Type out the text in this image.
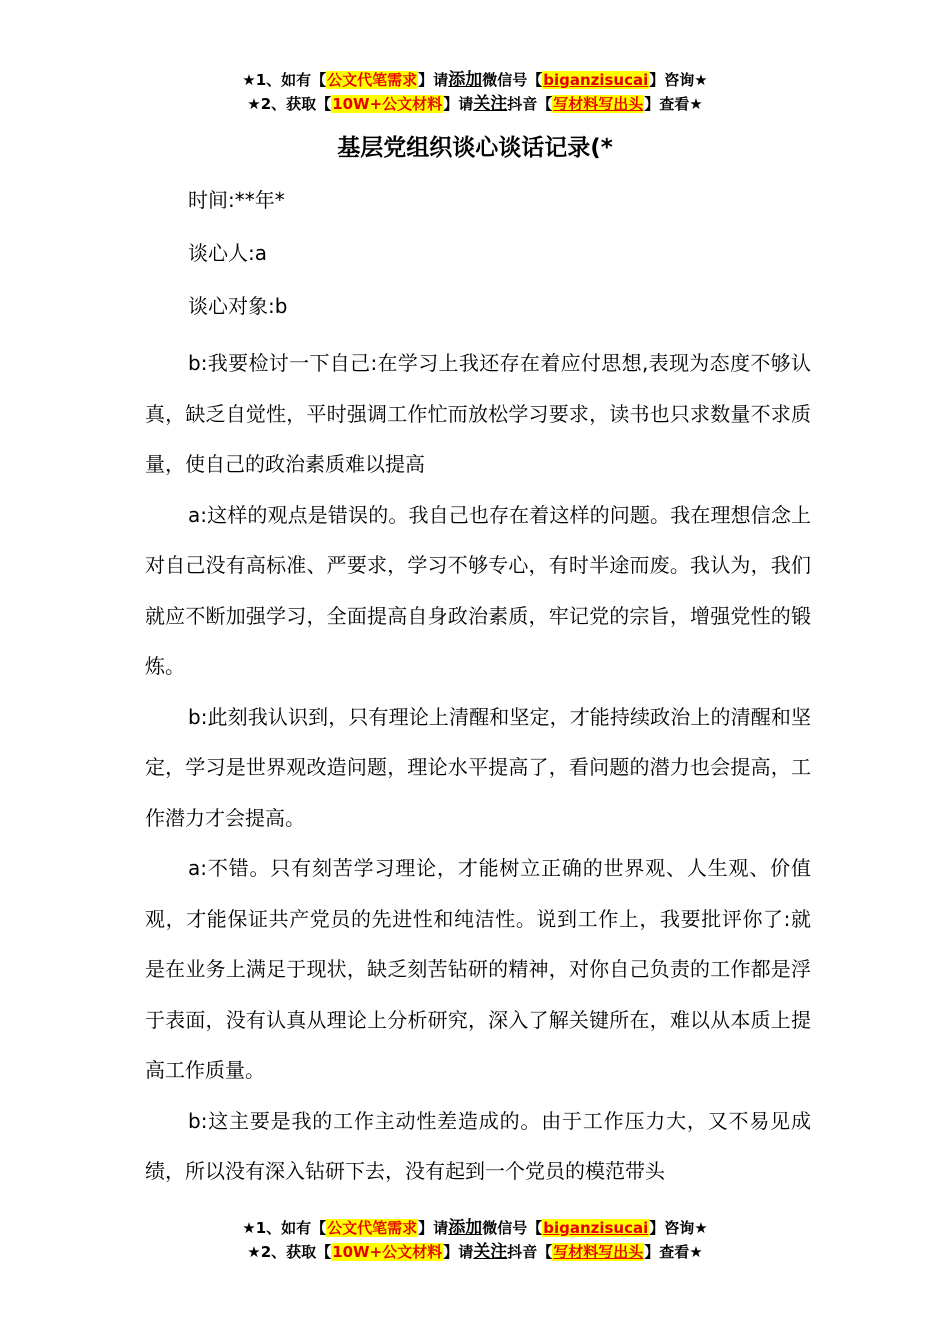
★1、如有【公文代笔需求】请添加微信号【biganzisucai】咨询★
★2、获取【10W+公文材料】请关注抖音【写材料写出头】查看★
基层党组织谈心谈话记录(*
时间:**年*
谈心人:a
谈心对象:b

b:我要检讨一下自己:在学习上我还存在着应付思想,表现为态度不够认真，缺乏自觉性，平时强调工作忙而放松学习要求，读书也只求数量不求质量，使自己的政治素质难以提高

a:这样的观点是错误的。我自己也存在着这样的问题。我在理想信念上对自己没有高标准、严要求，学习不够专心，有时半途而废。我认为，我们就应不断加强学习，全面提高自身政治素质，牢记党的宗旨，增强党性的锻炼。

b:此刻我认识到，只有理论上清醒和坚定，才能持续政治上的清醒和坚定，学习是世界观改造问题，理论水平提高了，看问题的潜力也会提高，工作潜力才会提高。

a:不错。只有刻苦学习理论，才能树立正确的世界观、人生观、价值观，才能保证共产党员的先进性和纯洁性。说到工作上，我要批评你了:就是在业务上满足于现状，缺乏刻苦钻研的精神，对你自己负责的工作都是浮于表面，没有认真从理论上分析研究，深入了解关键所在，难以从本质上提高工作质量。

b:这主要是我的工作主动性差造成的。由于工作压力大，又不易见成绩，所以没有深入钻研下去，没有起到一个党员的模范带头

★1、如有【公文代笔需求】请添加微信号【biganzisucai】咨询★
★2、获取【10W+公文材料】请关注抖音【写材料写出头】查看★
